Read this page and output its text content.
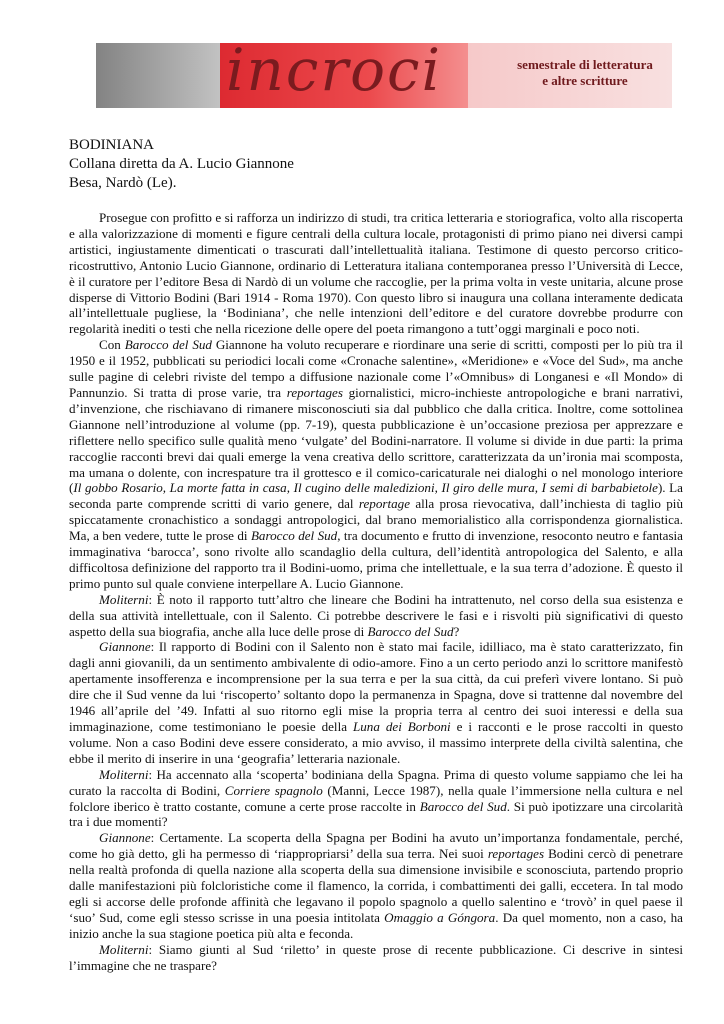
incroci	semestrale di letteratura
e altre scritture

BODINIANA

Collana diretta da A. Lucio Giannone

Besa, Nardò (Le).

Prosegue con profitto e si rafforza un indirizzo di studi, tra critica letteraria e storiografica, volto alla riscoperta e alla valorizzazione di momenti e figure centrali della cultura locale, protagonisti di primo piano nei diversi campi artistici, ingiustamente dimenticati o trascurati dall’intellettualità italiana. Testimone di questo percorso critico-ricostruttivo, Antonio Lucio Giannone, ordinario di Letteratura italiana contemporanea presso l’Università di Lecce, è il curatore per l’editore Besa di Nardò di un volume che raccoglie, per la prima volta in veste unitaria, alcune prose disperse di Vittorio Bodini (Bari 1914 - Roma 1970). Con questo libro si inaugura una collana interamente dedicata all’intellettuale pugliese, la ‘Bodiniana’, che nelle intenzioni dell’editore e del curatore dovrebbe produrre con regolarità inediti o testi che nella ricezione delle opere del poeta rimangono a tutt’oggi marginali e poco noti.

Con Barocco del Sud Giannone ha voluto recuperare e riordinare una serie di scritti, composti per lo più tra il 1950 e il 1952, pubblicati su periodici locali come «Cronache salentine», «Meridione» e «Voce del Sud», ma anche sulle pagine di celebri riviste del tempo a diffusione nazionale come l’«Omnibus» di Longanesi e «Il Mondo» di Pannunzio. Si tratta di prose varie, tra reportages giornalistici, micro-inchieste antropologiche e brani narrativi, d’invenzione, che rischiavano di rimanere misconosciuti sia dal pubblico che dalla critica. Inoltre, come sottolinea Giannone nell’introduzione al volume (pp. 7-19), questa pubblicazione è un’occasione preziosa per apprezzare e riflettere nello specifico sulle qualità meno ‘vulgate’ del Bodini-narratore. Il volume si divide in due parti: la prima raccoglie racconti brevi dai quali emerge la vena creativa dello scrittore, caratterizzata da un’ironia mai scomposta, ma umana o dolente, con increspature tra il grottesco e il comico-caricaturale nei dialoghi o nel monologo interiore (Il gobbo Rosario, La morte fatta in casa, Il cugino delle maledizioni, Il giro delle mura, I semi di barbabietole). La seconda parte comprende scritti di vario genere, dal reportage alla prosa rievocativa, dall’inchiesta di taglio più spiccatamente cronachistico a sondaggi antropologici, dal brano memorialistico alla corrispondenza giornalistica. Ma, a ben vedere, tutte le prose di Barocco del Sud, tra documento e frutto di invenzione, resoconto neutro e fantasia immaginativa ‘barocca’, sono rivolte allo scandaglio della cultura, dell’identità antropologica del Salento, e alla difficoltosa definizione del rapporto tra il Bodini-uomo, prima che intellettuale, e la sua terra d’adozione. È questo il primo punto sul quale conviene interpellare A. Lucio Giannone.

Moliterni: È noto il rapporto tutt’altro che lineare che Bodini ha intrattenuto, nel corso della sua esistenza e della sua attività intellettuale, con il Salento. Ci potrebbe descrivere le fasi e i risvolti più significativi di questo aspetto della sua biografia, anche alla luce delle prose di Barocco del Sud?

Giannone: Il rapporto di Bodini con il Salento non è stato mai facile, idilliaco, ma è stato caratterizzato, fin dagli anni giovanili, da un sentimento ambivalente di odio-amore. Fino a un certo periodo anzi lo scrittore manifestò apertamente insofferenza e incomprensione per la sua terra e per la sua città, da cui preferì vivere lontano. Si può dire che il Sud venne da lui ‘riscoperto’ soltanto dopo la permanenza in Spagna, dove si trattenne dal novembre del 1946 all’aprile del ’49. Infatti al suo ritorno egli mise la propria terra al centro dei suoi interessi e della sua immaginazione, come testimoniano le poesie della Luna dei Borboni e i racconti e le prose raccolti in questo volume. Non a caso Bodini deve essere considerato, a mio avviso, il massimo interprete della civiltà salentina, che ebbe il merito di inserire in una ‘geografia’ letteraria nazionale.

Moliterni: Ha accennato alla ‘scoperta’ bodiniana della Spagna. Prima di questo volume sappiamo che lei ha curato la raccolta di Bodini, Corriere spagnolo (Manni, Lecce 1987), nella quale l’immersione nella cultura e nel folclore iberico è tratto costante, comune a certe prose raccolte in Barocco del Sud. Si può ipotizzare una circolarità tra i due momenti?

Giannone: Certamente. La scoperta della Spagna per Bodini ha avuto un’importanza fondamentale, perché, come ho già detto, gli ha permesso di ‘riappropriarsi’ della sua terra. Nei suoi reportages Bodini cercò di penetrare nella realtà profonda di quella nazione alla scoperta della sua dimensione invisibile e sconosciuta, partendo proprio dalle manifestazioni più folcloristiche come il flamenco, la corrida, i combattimenti dei galli, eccetera. In tal modo egli si accorse delle profonde affinità che legavano il popolo spagnolo a quello salentino e ‘trovò’ in quel paese il ‘suo’ Sud, come egli stesso scrisse in una poesia intitolata Omaggio a Góngora. Da quel momento, non a caso, ha inizio anche la sua stagione poetica più alta e feconda.

Moliterni: Siamo giunti al Sud ‘riletto’ in queste prose di recente pubblicazione. Ci descrive in sintesi l’immagine che ne traspare?
